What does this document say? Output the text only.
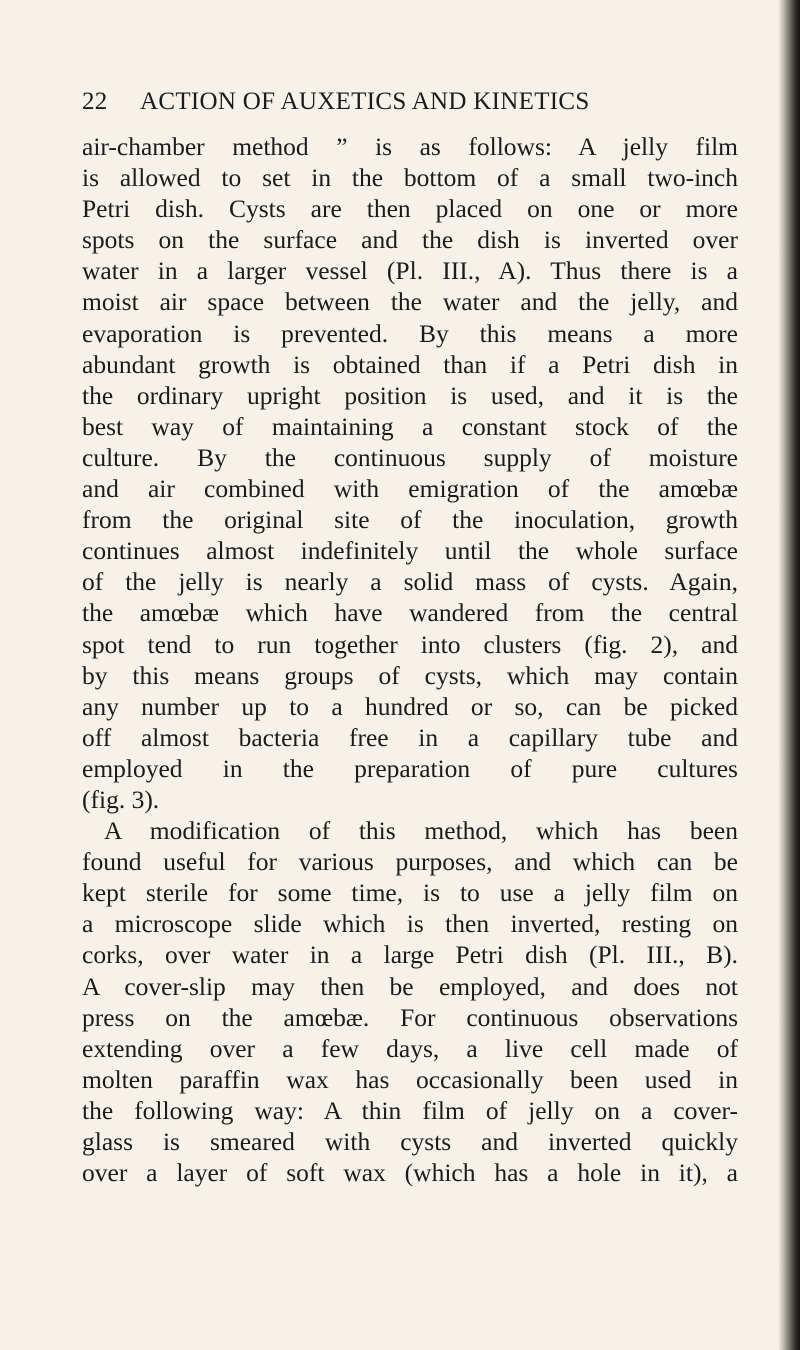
22	ACTION OF AUXETICS AND KINETICS

air-chamber method ” is as follows: A jelly film
is allowed to set in the bottom of a small two-inch
Petri dish. Cysts are then placed on one or more
spots on the surface and the dish is inverted over
water in a larger vessel (Pl. III., A). Thus there is a
moist air space between the water and the jelly, and
evaporation is prevented. By this means a more
abundant growth is obtained than if a Petri dish in
the ordinary upright position is used, and it is the
best way of maintaining a constant stock of the
culture. By the continuous supply of moisture
and air combined with emigration of the amœbæ
from the original site of the inoculation, growth
continues almost indefinitely until the whole surface
of the jelly is nearly a solid mass of cysts. Again,
the amœbæ which have wandered from the central
spot tend to run together into clusters (fig. 2), and
by this means groups of cysts, which may contain
any number up to a hundred or so, can be picked
off almost bacteria free in a capillary tube and
employed in the preparation of pure cultures
(fig. 3).

A modification of this method, which has been
found useful for various purposes, and which can be
kept sterile for some time, is to use a jelly film on
a microscope slide which is then inverted, resting on
corks, over water in a large Petri dish (Pl. III., B).
A cover-slip may then be employed, and does not
press on the amœbæ. For continuous observations
extending over a few days, a live cell made of
molten paraffin wax has occasionally been used in
the following way: A thin film of jelly on a cover-
glass is smeared with cysts and inverted quickly
over a layer of soft wax (which has a hole in it), a
